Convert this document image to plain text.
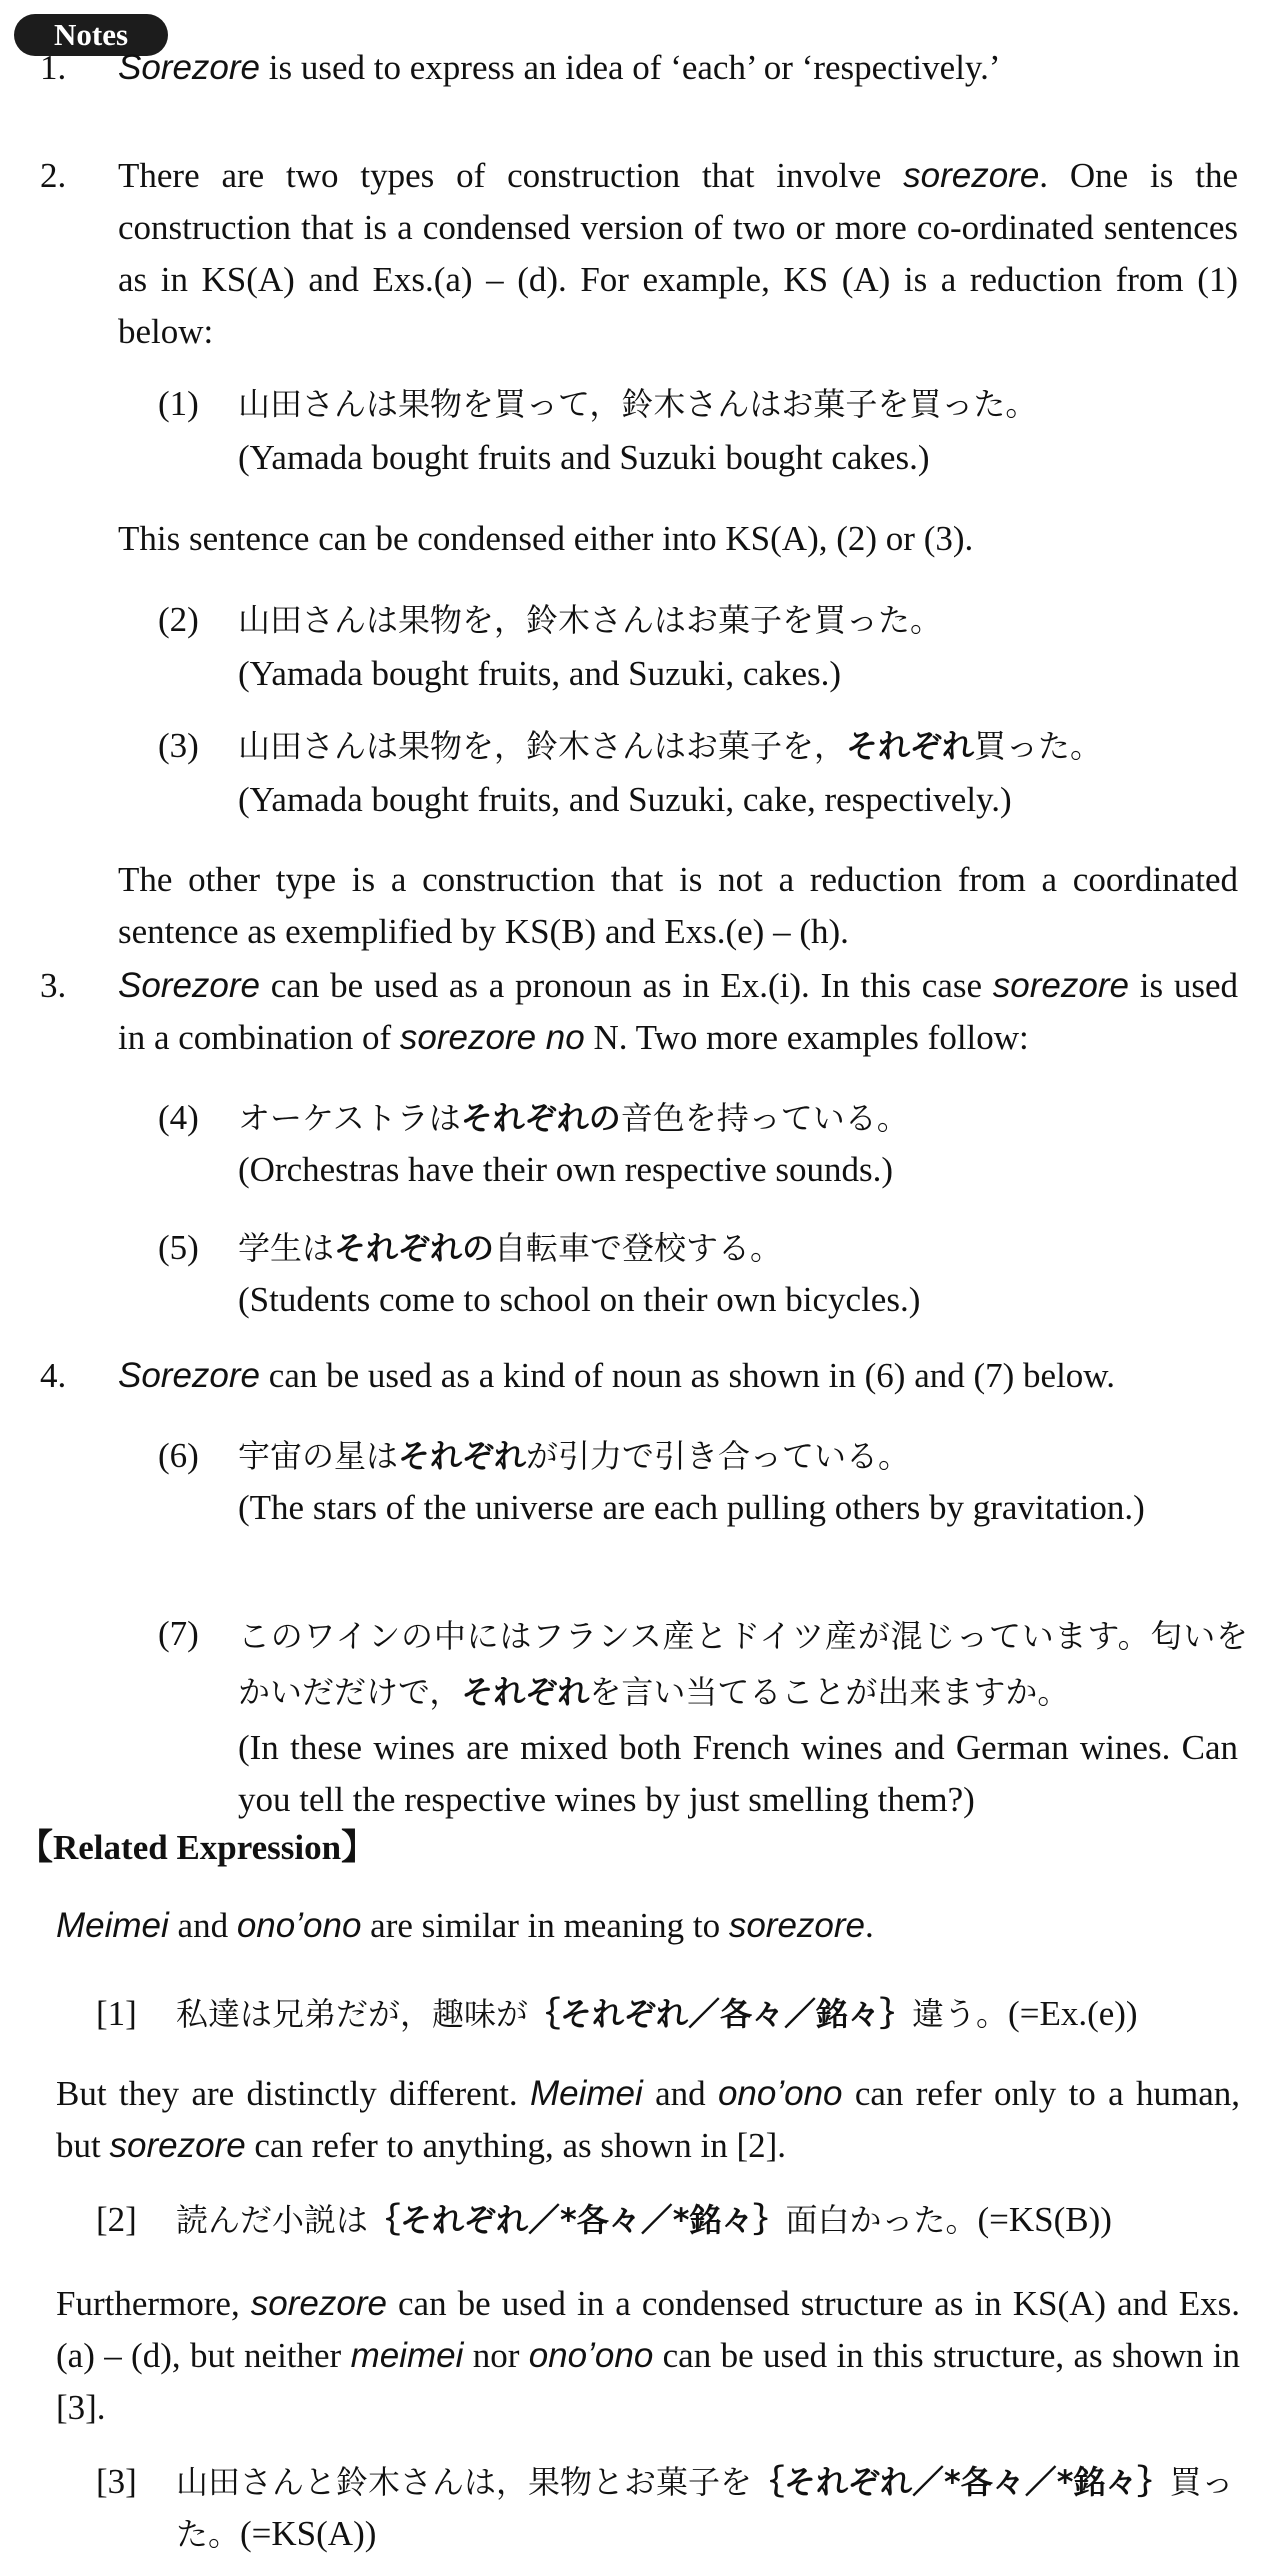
Notes
1. Sorezore is used to express an idea of ‘each’ or ‘respectively.’
2. There are two types of construction that involve sorezore. One is the construction that is a condensed version of two or more co-ordinated sentences as in KS(A) and Exs.(a) – (d). For example, KS (A) is a reduction from (1) below:
(1) 山田さんは果物を買って，鈴木さんはお菓子を買った。
(Yamada bought fruits and Suzuki bought cakes.)
This sentence can be condensed either into KS(A), (2) or (3).
(2) 山田さんは果物を，鈴木さんはお菓子を買った。
(Yamada bought fruits, and Suzuki, cakes.)
(3) 山田さんは果物を，鈴木さんはお菓子を，それぞれ買った。
(Yamada bought fruits, and Suzuki, cake, respectively.)
The other type is a construction that is not a reduction from a coordinated sentence as exemplified by KS(B) and Exs.(e) – (h).
3. Sorezore can be used as a pronoun as in Ex.(i). In this case sorezore is used in a combination of sorezore no N. Two more examples follow:
(4) オーケストラはそれぞれの音色を持っている。
(Orchestras have their own respective sounds.)
(5) 学生はそれぞれの自転車で登校する。
(Students come to school on their own bicycles.)
4. Sorezore can be used as a kind of noun as shown in (6) and (7) below.
(6) 宇宙の星はそれぞれが引力で引き合っている。
(The stars of the universe are each pulling others by gravitation.)
(7) このワインの中にはフランス産とドイツ産が混じっています。匂いをかいだだけで，それぞれを言い当てることが出来ますか。
(In these wines are mixed both French wines and German wines. Can you tell the respective wines by just smelling them?)
【Related Expression】
Meimei and ono’ono are similar in meaning to sorezore.
[1] 私達は兄弟だが，趣味が｛それぞれ／各々／銘々｝違う。(=Ex.(e))
But they are distinctly different. Meimei and ono’ono can refer only to a human, but sorezore can refer to anything, as shown in [2].
[2] 読んだ小説は｛それぞれ／*各々／*銘々｝面白かった。(=KS(B))
Furthermore, sorezore can be used in a condensed structure as in KS(A) and Exs.(a) – (d), but neither meimei nor ono’ono can be used in this structure, as shown in [3].
[3] 山田さんと鈴木さんは，果物とお菓子を｛それぞれ／*各々／*銘々｝買った。(=KS(A))
